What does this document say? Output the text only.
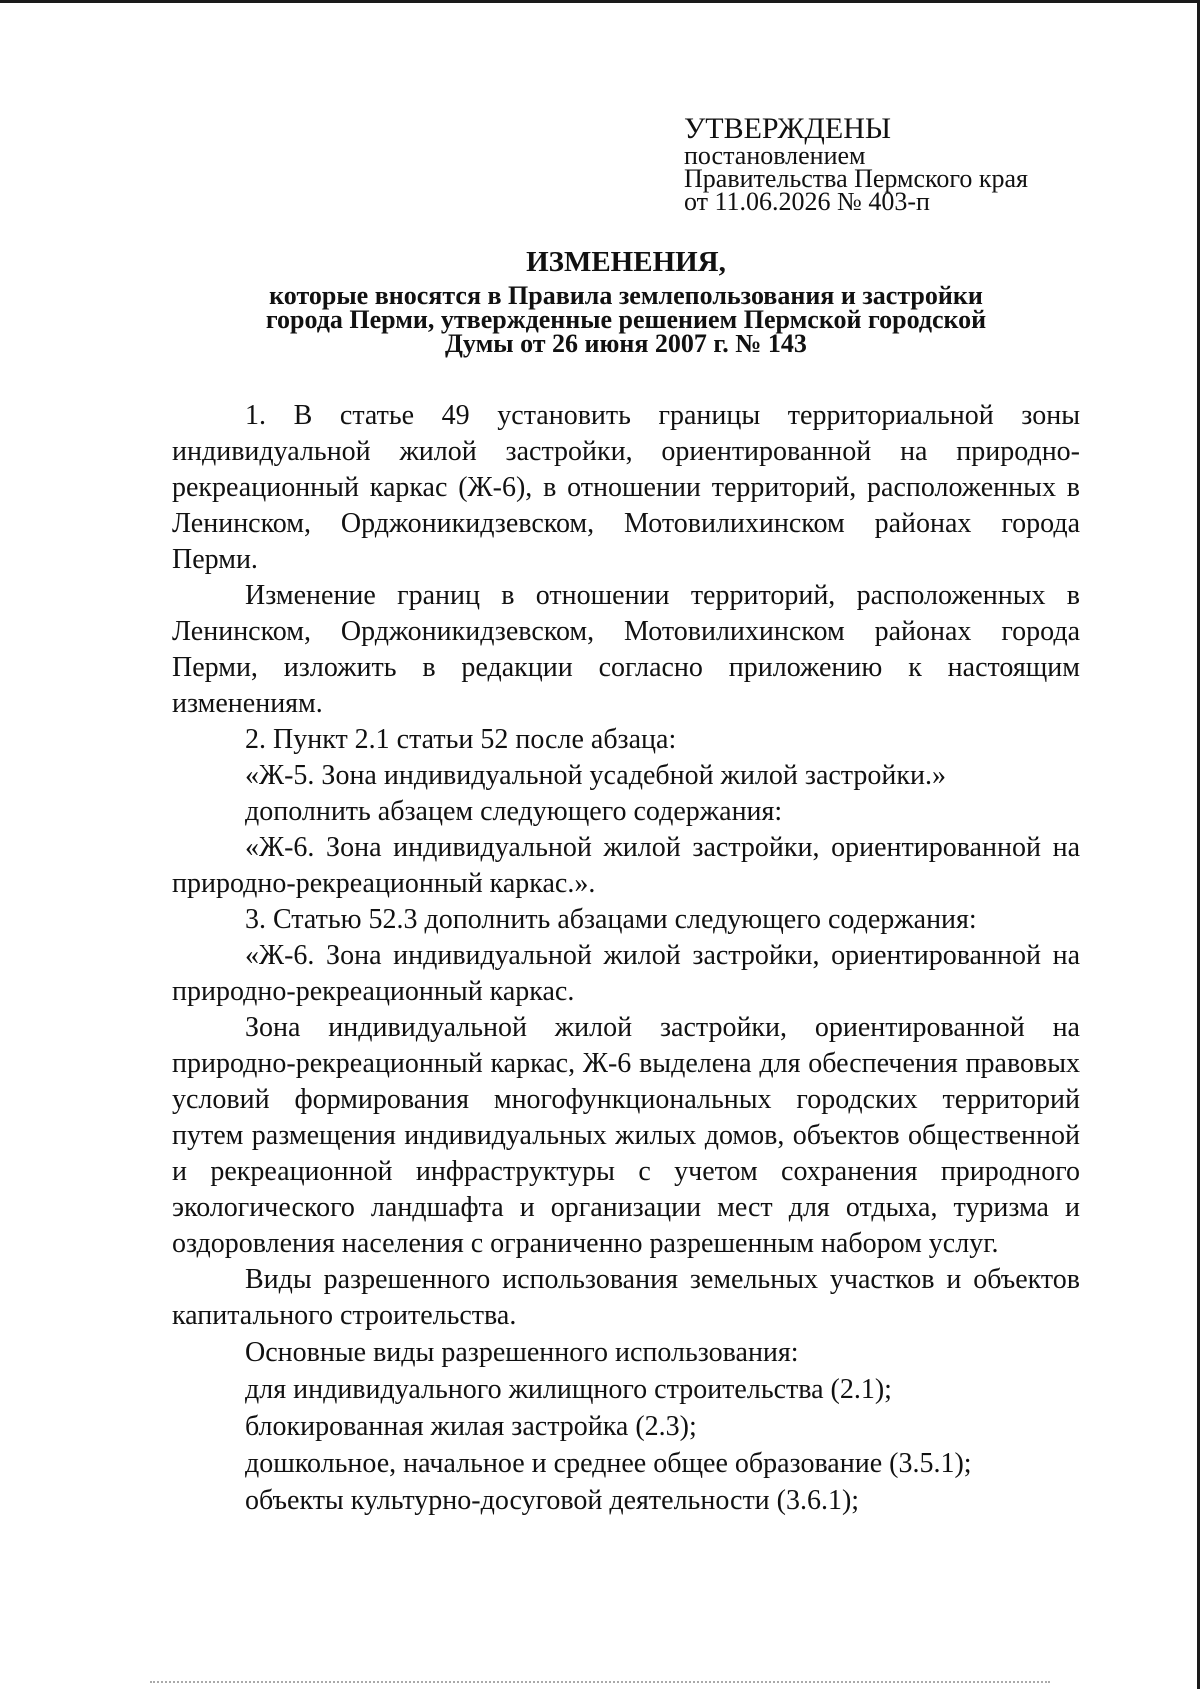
УТВЕРЖДЕНЫ
постановлением
Правительства Пермского края
от 11.06.2026 № 403-п
ИЗМЕНЕНИЯ,
которые вносятся в Правила землепользования и застройки
города Перми, утвержденные решением Пермской городской
Думы от 26 июня 2007 г. № 143

1. В статье 49 установить границы территориальной зоны индивидуальной жилой застройки, ориентированной на природно-рекреационный каркас (Ж-6), в отношении территорий, расположенных в Ленинском, Орджоникидзевском, Мотовилихинском районах города Перми.

Изменение границ в отношении территорий, расположенных в Ленинском, Орджоникидзевском, Мотовилихинском районах города Перми, изложить в редакции согласно приложению к настоящим изменениям.

2. Пункт 2.1 статьи 52 после абзаца:

«Ж-5. Зона индивидуальной усадебной жилой застройки.»

дополнить абзацем следующего содержания:

«Ж-6. Зона индивидуальной жилой застройки, ориентированной на природно-рекреационный каркас.».

3. Статью 52.3 дополнить абзацами следующего содержания:

«Ж-6. Зона индивидуальной жилой застройки, ориентированной на природно-рекреационный каркас.

Зона индивидуальной жилой застройки, ориентированной на природно-рекреационный каркас, Ж-6 выделена для обеспечения правовых условий формирования многофункциональных городских территорий путем размещения индивидуальных жилых домов, объектов общественной и рекреационной инфраструктуры с учетом сохранения природного экологического ландшафта и организации мест для отдыха, туризма и оздоровления населения с ограниченно разрешенным набором услуг.

Виды разрешенного использования земельных участков и объектов капитального строительства.

Основные виды разрешенного использования:

для индивидуального жилищного строительства (2.1);

блокированная жилая застройка (2.3);

дошкольное, начальное и среднее общее образование (3.5.1);

объекты культурно-досуговой деятельности (3.6.1);
